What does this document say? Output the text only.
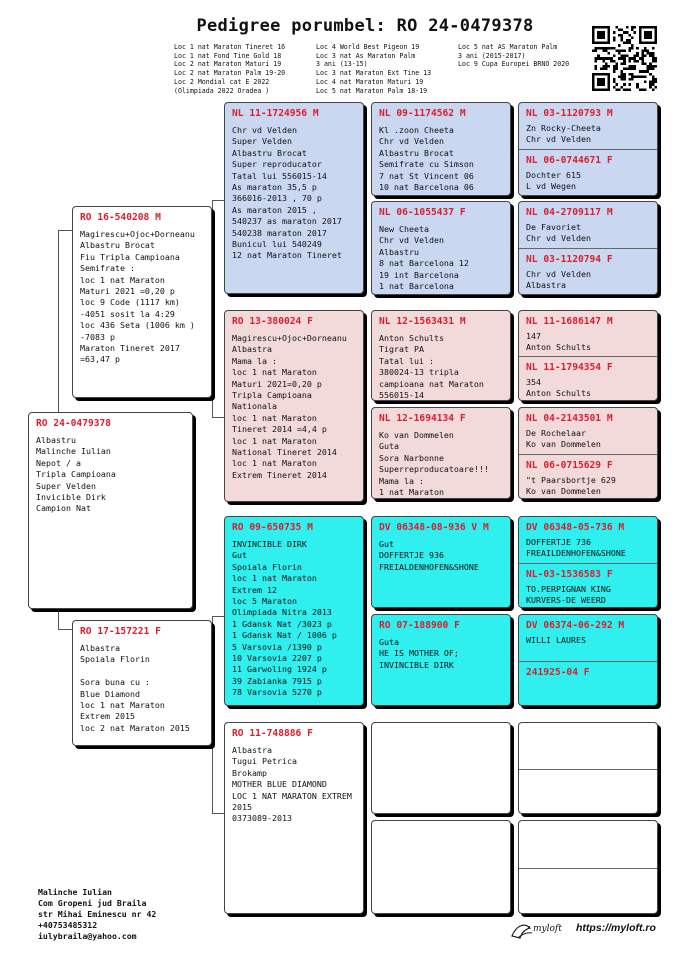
Pedigree porumbel: RO 24-0479378
Loc 1 nat Maraton Tineret 16
Loc 1 nat Fond Tine Gold 18
Loc 2 nat Maraton Maturi 19
Loc 2 nat Maraton Palm 19-20
Loc 2 Mondial cat E 2022
(Olimpiada 2022 Oradea )
Loc 4 World Best Pigeon 19
Loc 3 nat As Maraton Palm
3 ani (13-15)
Loc 3 nat Maraton Ext Tine 13
Loc 4 nat Maraton Maturi 19
Loc 5 nat Maraton Palm 18-19
Loc 5 nat AS Maraton Palm
3 ani (2015-2017)
Loc 9 Cupa Europei BRNO 2020
RO 24-0479378
Albastru
Malinche Iulian
Nepot / a
Tripla Campioana
Super Velden
Invicible Dirk
Campion Nat
RO 16-540208 M
Magirescu+Ojoc+Dorneanu
Albastru Brocat
Fiu Tripla Campioana
Semifrate :
loc 1 nat Maraton
Maturi 2021 =0,20 p
loc 9 Code (1117 km)
-4051 sosit la 4:29
loc 436 Seta (1006 km )
-7083 p
Maraton Tineret 2017
=63,47 p
RO 17-157221 F
Albastra
Spoiala Florin
Sora buna cu :
Blue Diamond
loc 1 nat Maraton
Extrem 2015
loc 2 nat Maraton 2015
NL 11-1724956 M
Chr vd Velden
Super Velden
Albastru Brocat
Super reproducator
Tatal lui 556015-14
As maraton 35,5 p
366016-2013 , 70 p
As maraton 2015 ,
540237 as maraton 2017
540238 maraton 2017
Bunicul lui 540249
12 nat Maraton Tineret
RO 13-380024 F
Magirescu+Ojoc+Dorneanu
Albastra
Mama la :
loc 1 nat Maraton
Maturi 2021=0,20 p
Tripla Campioana
Nationala
loc 1 nat Maraton
Tineret 2014 =4,4 p
loc 1 nat Maraton
National Tineret 2014
loc 1 nat Maraton
Extrem Tineret 2014
RO 09-650735 M
INVINCIBLE DIRK
Gut
Spoiala Florin
loc 1 nat Maraton
Extrem 12
loc 5 Maraton
Olimpiada Nitra 2013
1 Gdansk Nat /3023 p
1 Gdansk Nat / 1006 p
5 Varsovia /1390 p
10 Varsovia 2207 p
11 Garwoling 1924 p
39 Zabianka 7915 p
78 Varsovia 5270 p
RO 11-748886 F
Albastra
Tugui Petrica
Brokamp
MOTHER BLUE DIAMOND
LOC 1 NAT MARATON EXTREM
2015
0373089-2013
NL 09-1174562 M
Kl .zoon Cheeta
Chr vd Velden
Albastru Brocat
Semifrate cu Simson
7 nat St Vincent 06
10 nat Barcelona 06
NL 06-1055437 F
New Cheeta
Chr vd Velden
Albastru
8 nat Barcelona 12
19 int Barcelona
1 nat Barcelona
NL 12-1563431 M
Anton Schults
Tigrat PA
Tatal lui :
380024-13 tripla
campioana nat Maraton
556015-14
NL 12-1694134 F
Ko van Dommelen
Guta
Sora Narbonne
Superreproducatoare!!!
Mama la :
1 nat Maraton
DV 06348-08-936 V M
Gut
DOFFERTJE 936
FREIALDENHOFEN&SHONE
RO 07-188900 F
Guta
HE IS MOTHER OF;
INVINCIBLE DIRK
NL 03-1120793 M
Zn Rocky-Cheeta
Chr vd Velden
NL 06-0744671 F
Dochter 615
L vd Wegen
NL 04-2709117 M
De Favoriet
Chr vd Velden
NL 03-1120794 F
Chr vd Velden
Albastra
NL 11-1686147 M
147
Anton Schults
NL 11-1794354 F
354
Anton Schults
NL 04-2143501 M
De Rochelaar
Ko van Dommelen
NL 06-0715629 F
"t Paarsbortje 629
Ko van Dommelen
DV 06348-05-736 M
DOFFERTJE 736
FREAILDENHOFEN&SHONE
NL-03-1536583 F
TO.PERPIGNAN KING
KURVERS-DE WEERD
DV 06374-06-292 M
WILLI LAURES
241925-04 F
Malinche Iulian
Com Gropeni jud Braila
str Mihai Eminescu nr 42
+40753485312
iulybraila@yahoo.com
myloft https://myloft.ro
